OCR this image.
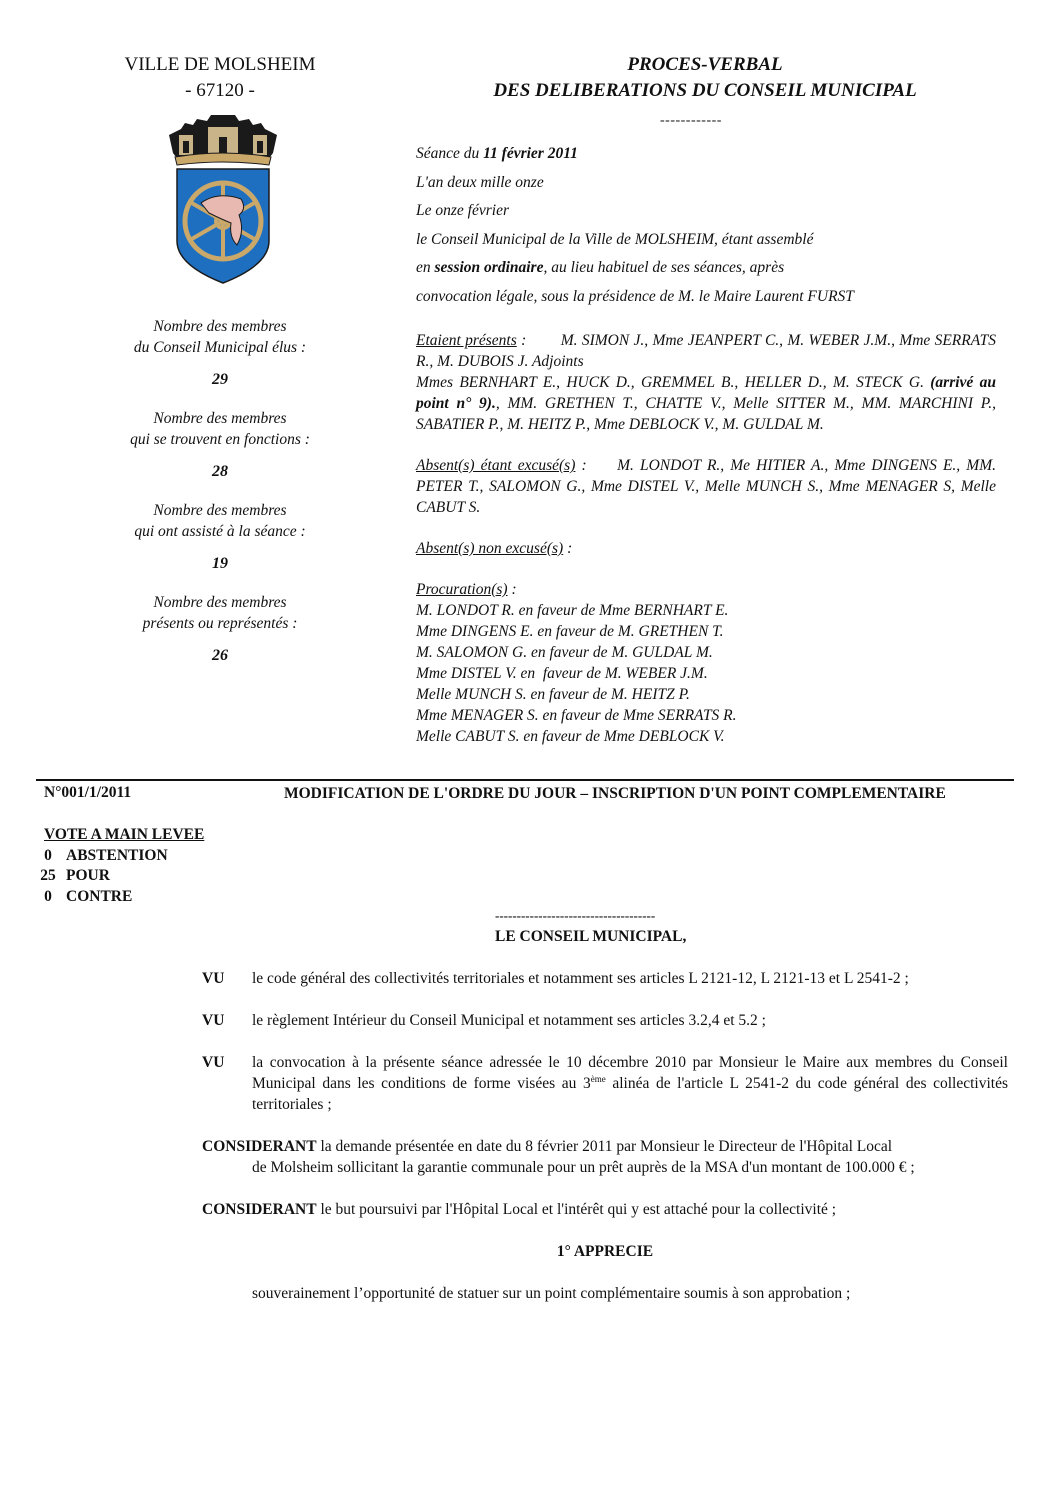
VILLE DE MOLSHEIM
- 67120 -
Nombre des membres
du Conseil Municipal élus :
29
Nombre des membres
qui se trouvent en fonctions :
28
Nombre des membres
qui ont assisté à la séance :
19
Nombre des membres
présents ou représentés :
26
PROCES-VERBAL
DES DELIBERATIONS DU CONSEIL MUNICIPAL
------------

Séance du 11 février 2011

L'an deux mille onze

Le onze février

le Conseil Municipal de la Ville de MOLSHEIM, étant assemblé

en session ordinaire, au lieu habituel de ses séances, après

convocation légale, sous la présidence de M. le Maire Laurent FURST

Etaient présents :        M. SIMON J., Mme JEANPERT C., M. WEBER J.M., Mme SERRATS R., M. DUBOIS J. Adjoints

Mmes BERNHART E., HUCK D., GREMMEL B., HELLER D., M. STECK G. (arrivé au point n° 9)., MM. GRETHEN T., CHATTE V., Melle SITTER M., MM. MARCHINI P., SABATIER P., M. HEITZ P., Mme DEBLOCK V., M. GULDAL M.

Absent(s) étant excusé(s) :     M. LONDOT R., Me HITIER A., Mme DINGENS E., MM. PETER T., SALOMON G., Mme DISTEL V., Melle MUNCH S., Mme MENAGER S, Melle CABUT S.

Absent(s) non excusé(s) :

Procuration(s) :

M. LONDOT R. en faveur de Mme BERNHART E.

Mme DINGENS E. en faveur de M. GRETHEN T.

M. SALOMON G. en faveur de M. GULDAL M.

Mme DISTEL V. en  faveur de M. WEBER J.M.

Melle MUNCH S. en faveur de M. HEITZ P.

Mme MENAGER S. en faveur de Mme SERRATS R.

Melle CABUT S. en faveur de Mme DEBLOCK V.

N°001/1/2011	MODIFICATION DE L'ORDRE DU JOUR – INSCRIPTION D'UN POINT COMPLEMENTAIRE
VOTE A MAIN LEVEE
0 ABSTENTION
25 POUR
0 CONTRE
-------------------------------------
LE CONSEIL MUNICIPAL,
VU	le code général des collectivités territoriales et notamment ses articles L 2121-12, L 2121-13 et L 2541-2 ;
VU	le règlement Intérieur du Conseil Municipal et notamment ses articles 3.2,4 et 5.2 ;
VU	la convocation à la présente séance adressée le 10 décembre 2010 par Monsieur le Maire aux membres du Conseil Municipal dans les conditions de forme visées au 3ème alinéa de l'article L 2541-2 du code général des collectivités territoriales ;
CONSIDERANT la demande présentée en date du 8 février 2011 par Monsieur le Directeur de l'Hôpital Local
de Molsheim sollicitant la garantie communale pour un prêt auprès de la MSA d'un montant de 100.000 € ;
CONSIDERANT le but poursuivi par l'Hôpital Local et l'intérêt qui y est attaché pour la collectivité ;
1° APPRECIE
souverainement l’opportunité de statuer sur un point complémentaire soumis à son approbation ;
